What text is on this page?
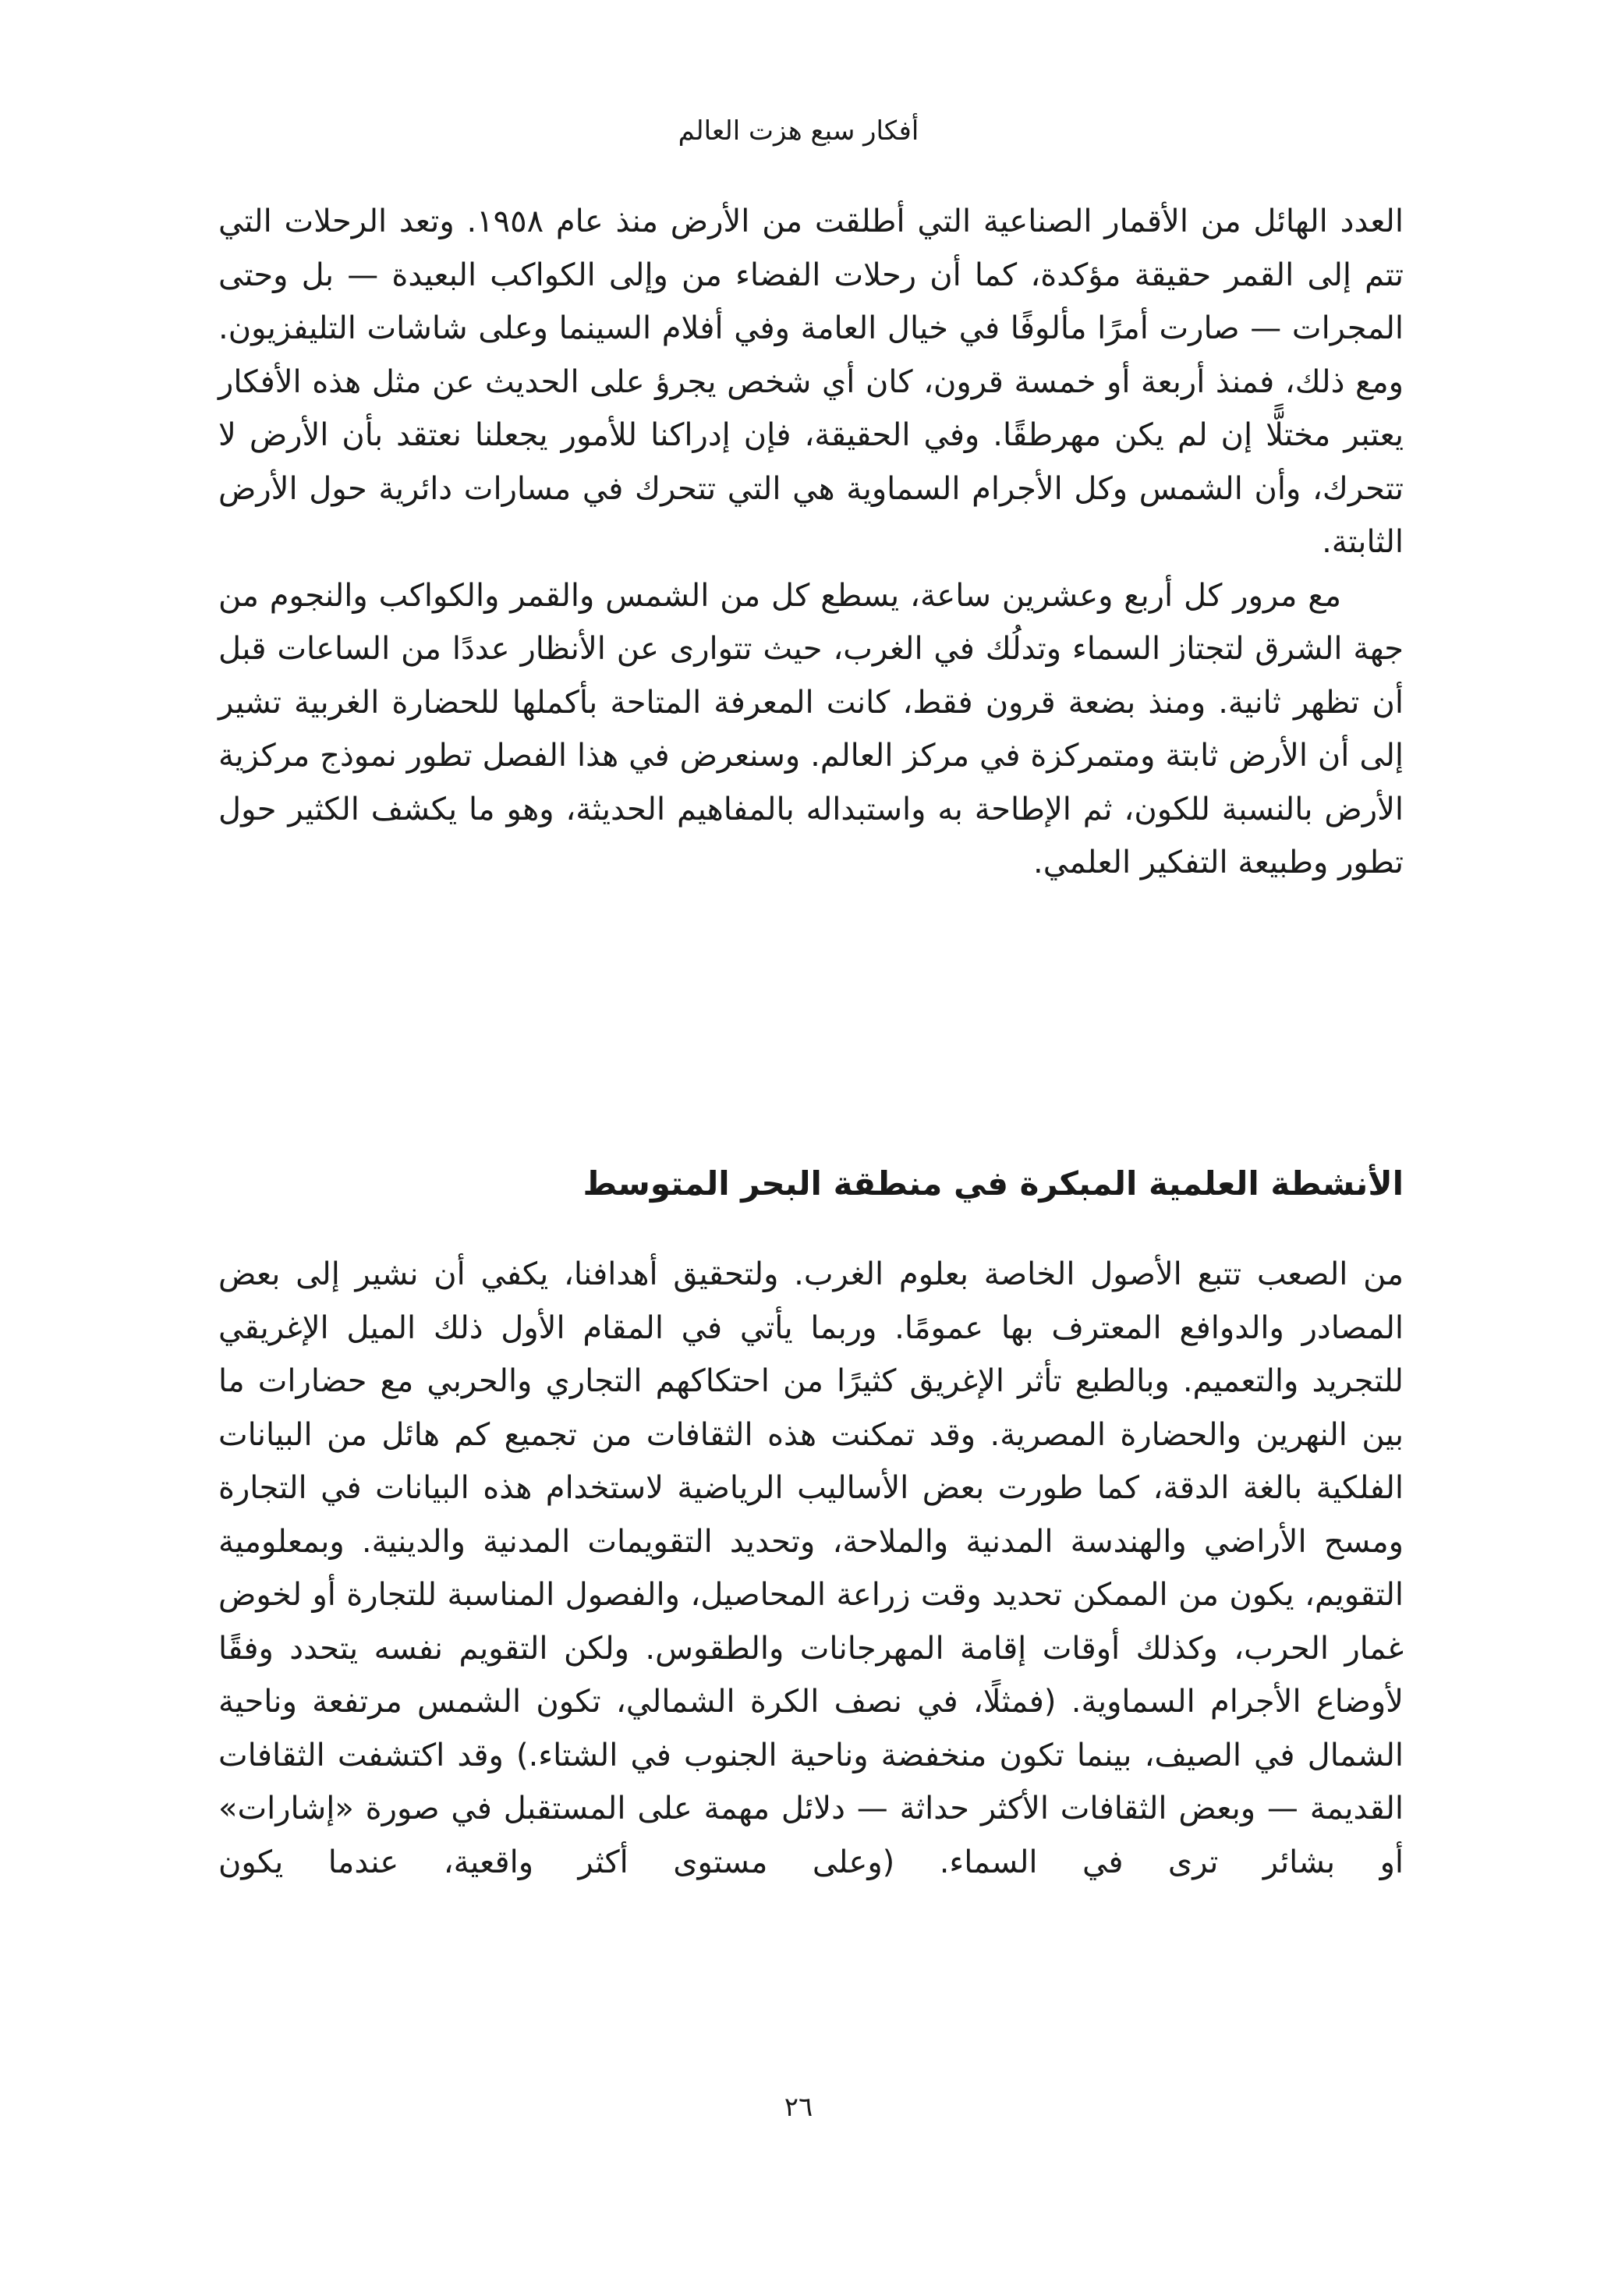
أفكار سبع هزت العالم

العدد الهائل من الأقمار الصناعية التي أطلقت من الأرض منذ عام ١٩٥٨. وتعد الرحلات التي تتم إلى القمر حقيقة مؤكدة، كما أن رحلات الفضاء من وإلى الكواكب البعيدة — بل وحتى المجرات — صارت أمرًا مألوفًا في خيال العامة وفي أفلام السينما وعلى شاشات التليفزيون. ومع ذلك، فمنذ أربعة أو خمسة قرون، كان أي شخص يجرؤ على الحديث عن مثل هذه الأفكار يعتبر مختلًّا إن لم يكن مهرطقًا. وفي الحقيقة، فإن إدراكنا للأمور يجعلنا نعتقد بأن الأرض لا تتحرك، وأن الشمس وكل الأجرام السماوية هي التي تتحرك في مسارات دائرية حول الأرض الثابتة.

مع مرور كل أربع وعشرين ساعة، يسطع كل من الشمس والقمر والكواكب والنجوم من جهة الشرق لتجتاز السماء وتدلُك في الغرب، حيث تتوارى عن الأنظار عددًا من الساعات قبل أن تظهر ثانية. ومنذ بضعة قرون فقط، كانت المعرفة المتاحة بأكملها للحضارة الغربية تشير إلى أن الأرض ثابتة ومتمركزة في مركز العالم. وسنعرض في هذا الفصل تطور نموذج مركزية الأرض بالنسبة للكون، ثم الإطاحة به واستبداله بالمفاهيم الحديثة، وهو ما يكشف الكثير حول تطور وطبيعة التفكير العلمي.

الأنشطة العلمية المبكرة في منطقة البحر المتوسط

من الصعب تتبع الأصول الخاصة بعلوم الغرب. ولتحقيق أهدافنا، يكفي أن نشير إلى بعض المصادر والدوافع المعترف بها عمومًا. وربما يأتي في المقام الأول ذلك الميل الإغريقي للتجريد والتعميم. وبالطبع تأثر الإغريق كثيرًا من احتكاكهم التجاري والحربي مع حضارات ما بين النهرين والحضارة المصرية. وقد تمكنت هذه الثقافات من تجميع كم هائل من البيانات الفلكية بالغة الدقة، كما طورت بعض الأساليب الرياضية لاستخدام هذه البيانات في التجارة ومسح الأراضي والهندسة المدنية والملاحة، وتحديد التقويمات المدنية والدينية. وبمعلومية التقويم، يكون من الممكن تحديد وقت زراعة المحاصيل، والفصول المناسبة للتجارة أو لخوض غمار الحرب، وكذلك أوقات إقامة المهرجانات والطقوس. ولكن التقويم نفسه يتحدد وفقًا لأوضاع الأجرام السماوية. (فمثلًا، في نصف الكرة الشمالي، تكون الشمس مرتفعة وناحية الشمال في الصيف، بينما تكون منخفضة وناحية الجنوب في الشتاء.) وقد اكتشفت الثقافات القديمة — وبعض الثقافات الأكثر حداثة — دلائل مهمة على المستقبل في صورة «إشارات» أو بشائر ترى في السماء. (وعلى مستوى أكثر واقعية، عندما يكون

٢٦
